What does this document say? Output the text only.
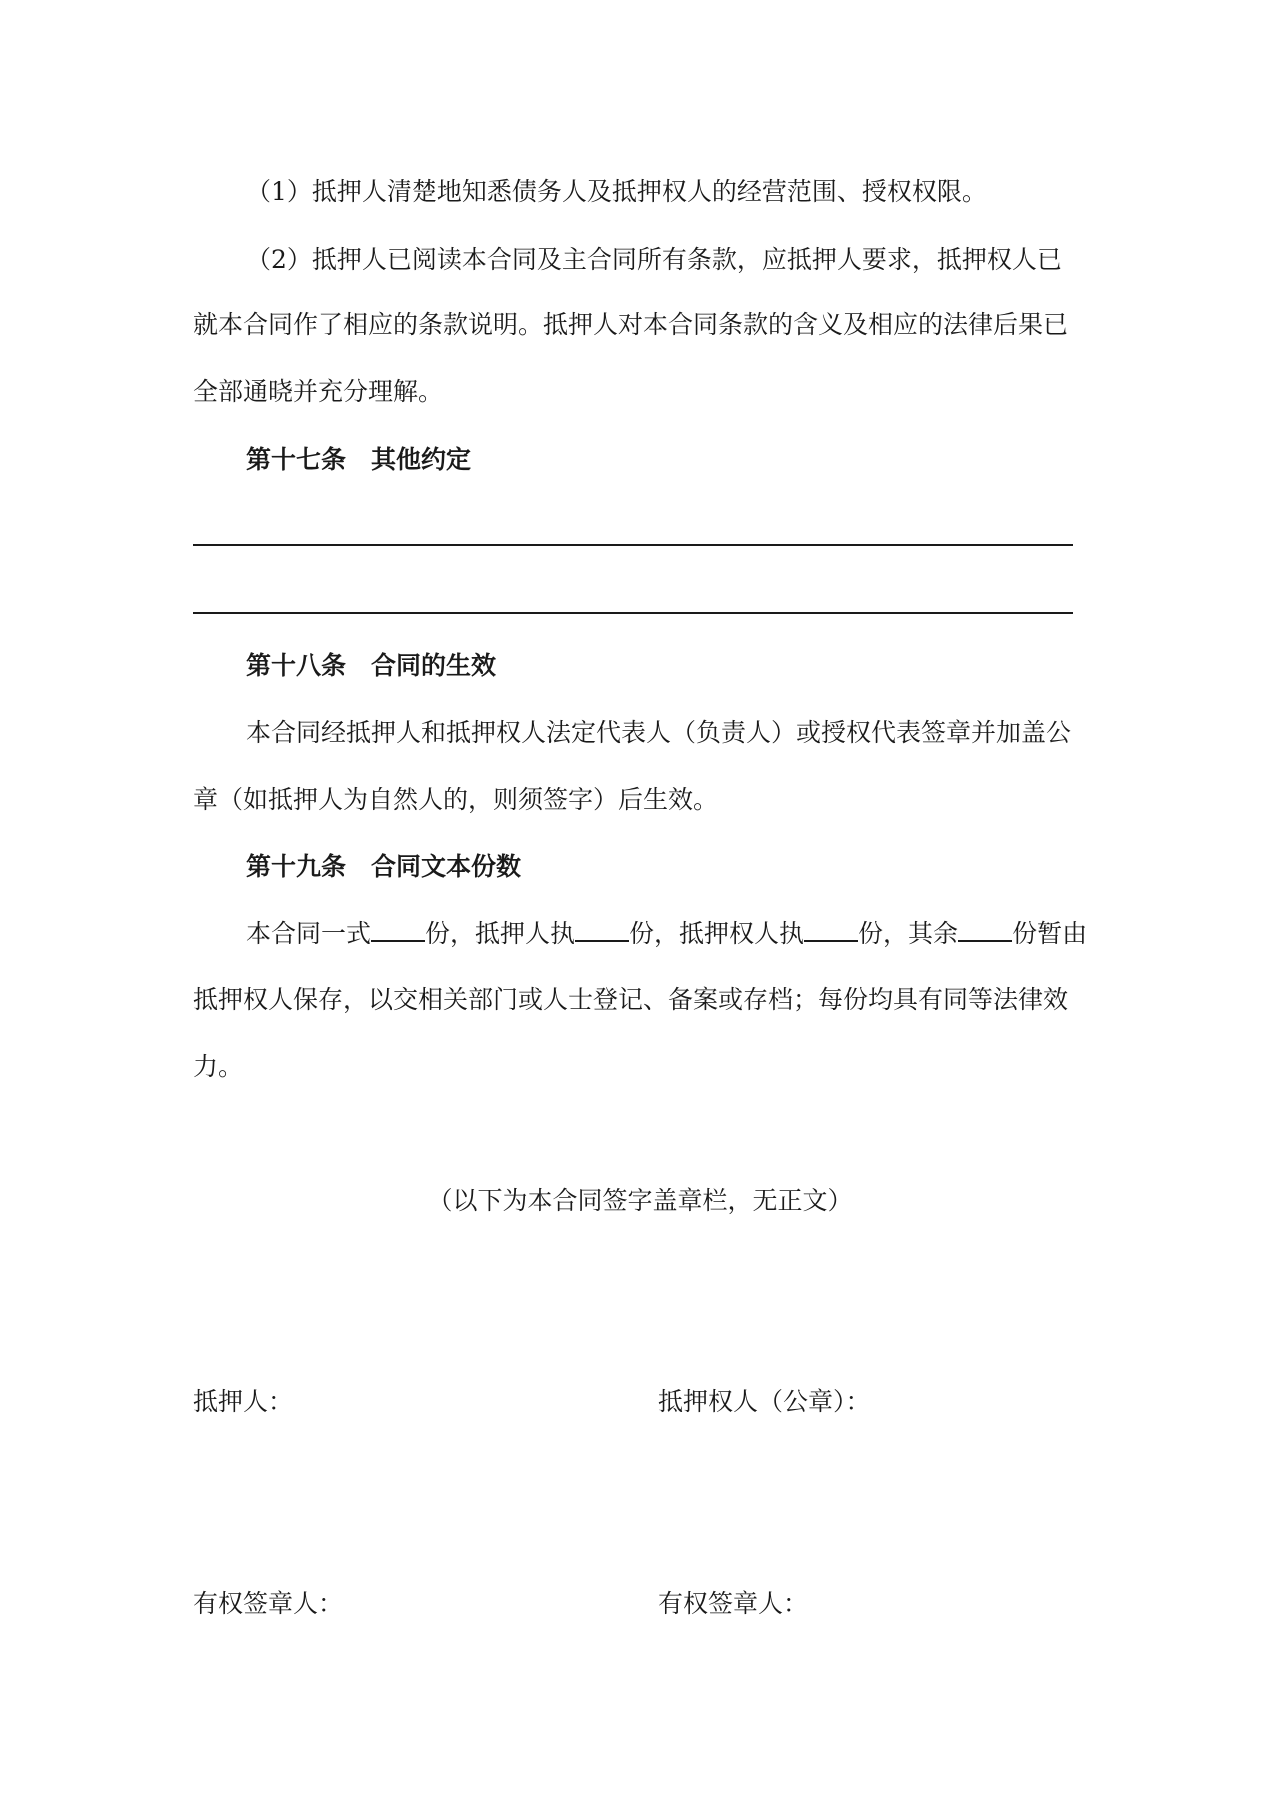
（1）抵押人清楚地知悉债务人及抵押权人的经营范围、授权权限。
（2）抵押人已阅读本合同及主合同所有条款，应抵押人要求，抵押权人已
就本合同作了相应的条款说明。抵押人对本合同条款的含义及相应的法律后果已
全部通晓并充分理解。
第十七条　其他约定
第十八条　合同的生效
本合同经抵押人和抵押权人法定代表人（负责人）或授权代表签章并加盖公
章（如抵押人为自然人的，则须签字）后生效。
第十九条　合同文本份数
本合同一式 份，抵押人执 份，抵押权人执 份，其余 份暂由
抵押权人保存，以交相关部门或人士登记、备案或存档；每份均具有同等法律效
力。
（以下为本合同签字盖章栏，无正文）
抵押人：	抵押权人（公章）：
有权签章人：	有权签章人：
